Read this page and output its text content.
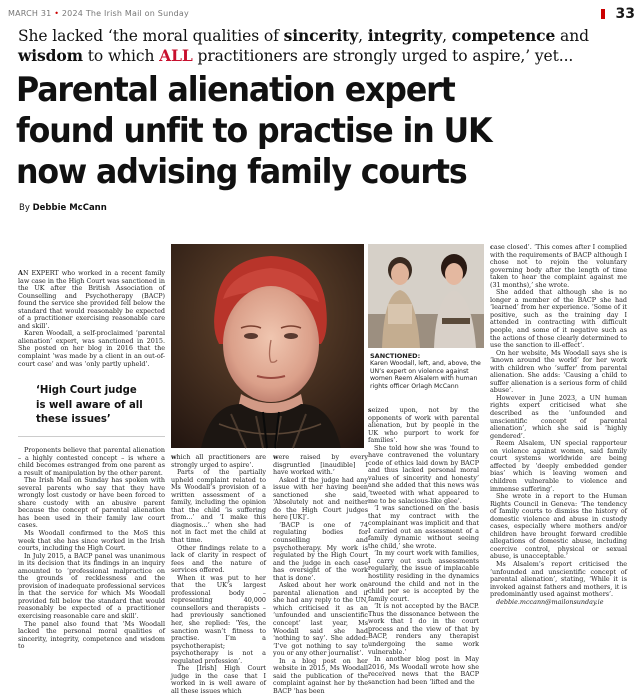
MARCH 31 • 2024 The Irish Mail on Sunday	33
She lacked ‘the moral qualities of sincerity, integrity, competence and
wisdom to which ALL practitioners are strongly urged to aspire,’ yet...
Parental alienation expert
found unfit to practise in UK
now advising family courts
By Debbie McCann

AN EXPERT who worked in a recent family law case in the High Court was sanctioned in the UK after the British Association of Counselling and Psychotherapy (BACP) found the service she provided fell below the standard that would reasonably be expected of a practitioner exercising reasonable care and skill’.

Karen Woodall, a self-proclaimed ‘parental alienation’ expert, was sanctioned in 2015. She posted on her blog in 2016 that the complaint ‘was made by a client in an out-of-court case’ and was ‘only partly upheld’.

‘High Court judge is well aware of all these issues’

Proponents believe that parental alienation – a highly contested concept – is where a child becomes estranged from one parent as a result of manipulation by the other parent.

The Irish Mail on Sunday has spoken with several parents who say that they have wrongly lost custody or have been forced to share custody with an abusive parent because the concept of parental alienation has been used in their family law court cases.

Ms Woodall confirmed to the MoS this week that she has since worked in the Irish courts, including the High Court.

In July 2015, a BACP panel was unanimous in its decision that its findings in an inquiry amounted to ‘professional malpractice on the grounds of recklessness and the provision of inadequate professional services in that the service for which Ms Woodall provided fell below the standard that would reasonably be expected of a practitioner exercising reasonable care and skill’.

The panel also found that ‘Ms Woodall lacked the personal moral qualities of sincerity, integrity, competence and wisdom to

SANCTIONED:
Karen Woodall, left, and, above, the UN’s expert on violence against women Reem Alsalem with human rights officer Orlagh McCann

which all practitioners are strongly urged to aspire’.

Parts of the partially upheld complaint related to Ms Woodall’s provision of a written assessment of a family, including the opinion that the child ‘is suffering from...’ and ‘I make this diagnosis...’ when she had not in fact met the child at that time.

Other findings relate to a lack of clarity in respect of fees and the nature of services offered.

When it was put to her that the UK’s largest professional body – representing 40,000 counsellors and therapists – had previously sanctioned her, she replied: ‘Yes, the sanction wasn’t fitness to practise. I’m a psychotherapist; psychotherapy is not a regulated profession’.

The [Irish] High Court judge in the case that I worked in is well aware of all these issues which

were raised by every disgruntled [inaudible] I have worked with.’

Asked if the judge had any issue with her having been sanctioned she said, ‘Absolutely not and neither do the High Court judges here [UK]’.

‘BACP is one of 74 regulating bodies for counselling and psychotherapy. My work is regulated by the High Court and the judge in each case has oversight of the work that is done’.

Asked about her work on parental alienation and if she had any reply to the UN, which criticised it as an ‘unfounded and unscientific concept’ last year, Ms Woodall said she had ‘nothing to say’. She added: ‘I’ve got nothing to say to you or any other journalist’.

In a blog post on her website in 2015, Ms Woodall said the publication of the complaint against her by the BACP ‘has been

seized upon, not by the opponents of work with parental alienation, but by people in the UK who purport to work for families’.

She told how she was ‘found to have contravened the voluntary code of ethics laid down by BACP and thus lacked personal moral values of sincerity and honesty’ and she added that this news was ‘tweeted with what appeared to me to be salacious-like glee’.

‘I was sanctioned on the basis that my contract with the complainant was implicit and that I carried out an assessment of a family dynamic without seeing the child,’ she wrote.

‘In my court work with families, I carry out such assessments regularly, the issue of implacable hostility residing in the dynamics around the child and not in the child per se is accepted by the family court.

‘It is not accepted by the BACP. Thus the dissonance between the work that I do in the court process and the view of that by BACP, renders any therapist undergoing the same work vulnerable.’

In another blog post in May 2016, Ms Woodall wrote how she received news that the BACP sanction had been ‘lifted and the

case closed’. ‘This comes after I complied with the requirements of BACP although I chose not to rejoin the voluntary governing body after the length of time taken to hear the complaint against me (31 months),’ she wrote.

She added that although she is no longer a member of the BACP she had ‘learned’ from her experience. ‘Some of it positive, such as the training day I attended in contracting with difficult people, and some of it negative such as the actions of those clearly determined to use the sanction to ill-effect’.

On her website, Ms Woodall says she is ‘known around the world’ for her work with children who ‘suffer’ from parental alienation. She adds: ‘Causing a child to suffer alienation is a serious form of child abuse’.

However in June 2023, a UN human rights expert criticised what she described as the ‘unfounded and unscientific concept of parental alienation’, which she said is ‘highly gendered’.

Reem Alsalem, UN special rapporteur on violence against women, said family court systems worldwide are being affected by ‘deeply embedded gender bias’ which is leaving women and children vulnerable to violence and immense suffering’.

She wrote in a report to the Human Rights Council in Geneva: ‘The tendency of family courts to dismiss the history of domestic violence and abuse in custody cases, especially where mothers and/or children have brought forward credible allegations of domestic abuse, including coercive control, physical or sexual abuse, is unacceptable.’

Ms Alsalem’s report criticised the ‘unfounded and unscientific concept of parental alienation’, stating, ‘While it is invoked against fathers and mothers, it is predominantly used against mothers’.

debbie.mccann@mailonsunday.ie
